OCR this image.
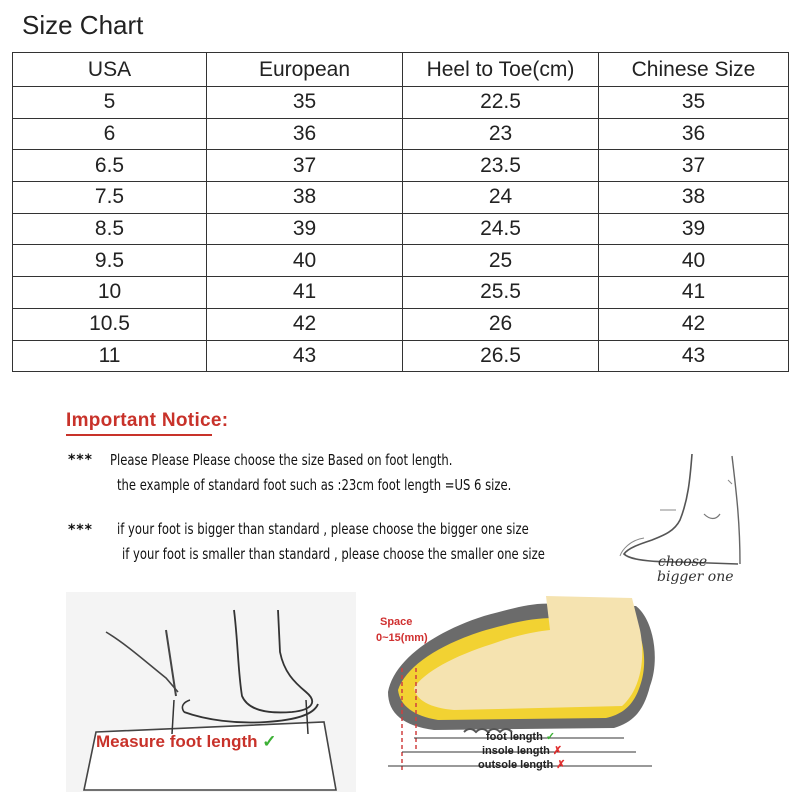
Size Chart
USA	European	Heel to Toe(cm)	Chinese Size
5	35	22.5	35
6	36	23	36
6.5	37	23.5	37
7.5	38	24	38
8.5	39	24.5	39
9.5	40	25	40
10	41	25.5	41
10.5	42	26	42
11	43	26.5	43
Important Notice:
*** Please Please Please choose the size Based on foot length.
the example of standard foot such as :23cm foot length =US 6 size.
*** if your foot is bigger than standard , please choose the bigger one size
if your foot is smaller than standard , please choose the smaller one size	choose
bigger one
Measure foot length ✓
Space
0~15(mm)
foot length ✓
insole length ✗
outsole length ✗
